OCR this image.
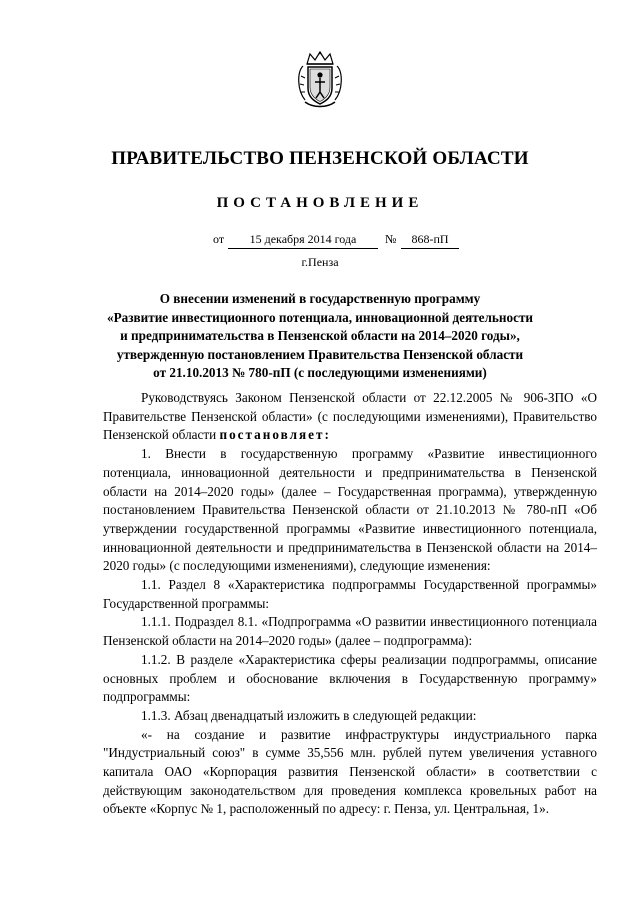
ПРАВИТЕЛЬСТВО ПЕНЗЕНСКОЙ ОБЛАСТИ
ПОСТАНОВЛЕНИЕ
от	15 декабря 2014 года	№	868-пП
г.Пенза
О внесении изменений в государственную программу
«Развитие инвестиционного потенциала, инновационной деятельности
и предпринимательства в Пензенской области на 2014–2020 годы»,
утвержденную постановлением Правительства Пензенской области
от 21.10.2013 № 780-пП (с последующими изменениями)

Руководствуясь Законом Пензенской области от 22.12.2005 № 906-ЗПО «О Правительстве Пензенской области» (с последующими изменениями), Правительство Пензенской области постановляет:

1. Внести в государственную программу «Развитие инвестиционного потенциала, инновационной деятельности и предпринимательства в Пензенской области на 2014–2020 годы» (далее – Государственная программа), утвержденную постановлением Правительства Пензенской области от 21.10.2013 № 780-пП «Об утверждении государственной программы «Развитие инвестиционного потенциала, инновационной деятельности и предпринимательства в Пензенской области на 2014–2020 годы» (с последующими изменениями), следующие изменения:

1.1. Раздел 8 «Характеристика подпрограммы Государственной программы» Государственной программы:

1.1.1. Подраздел 8.1. «Подпрограмма «О развитии инвестиционного потенциала Пензенской области на 2014–2020 годы» (далее – подпрограмма):

1.1.2. В разделе «Характеристика сферы реализации подпрограммы, описание основных проблем и обоснование включения в Государственную программу» подпрограммы:

1.1.3. Абзац двенадцатый изложить в следующей редакции:

«- на создание и развитие инфраструктуры индустриального парка "Индустриальный союз" в сумме 35,556 млн. рублей путем увеличения уставного капитала ОАО «Корпорация развития Пензенской области» в соответствии с действующим законодательством для проведения комплекса кровельных работ на объекте «Корпус № 1, расположенный по адресу: г. Пенза, ул. Центральная, 1».
